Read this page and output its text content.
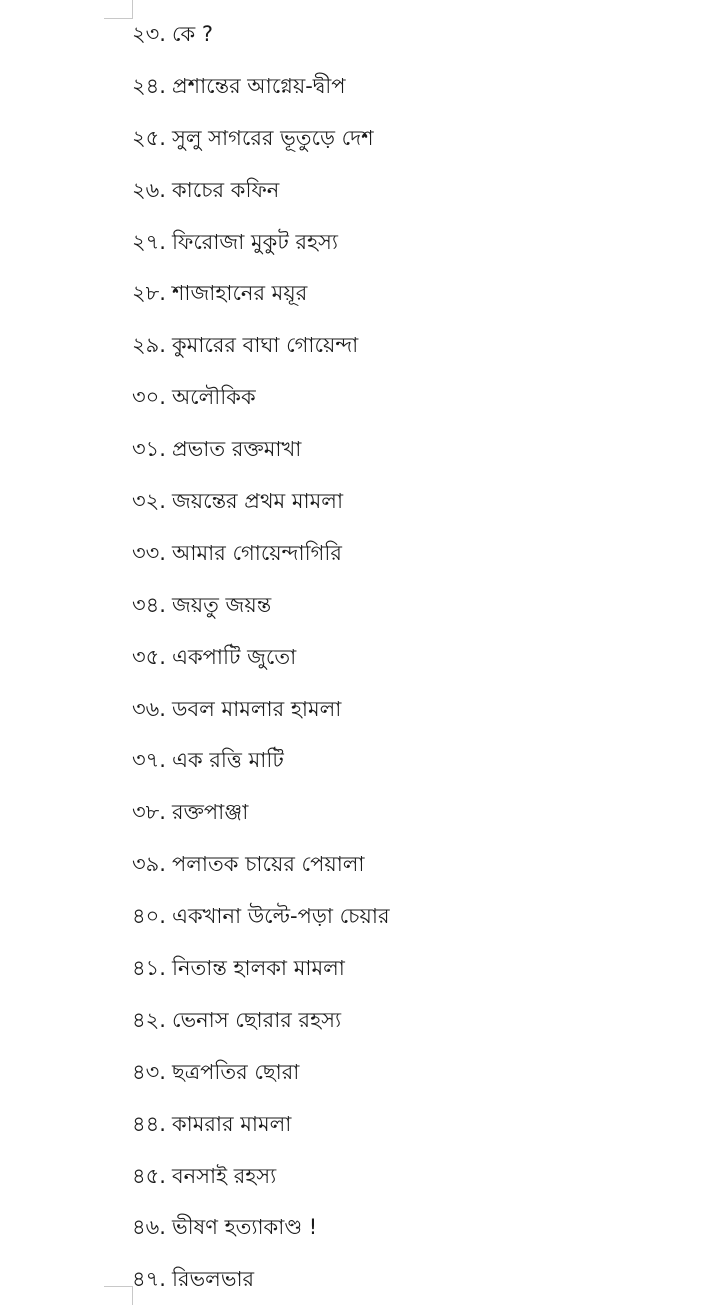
২৩. কে ?
২৪. প্রশান্তের আগ্নেয়-দ্বীপ
২৫. সুলু সাগরের ভূতুড়ে দেশ
২৬. কাচের কফিন
২৭. ফিরোজা মুকুট রহস্য
২৮. শাজাহানের ময়ূর
২৯. কুমারের বাঘা গোয়েন্দা
৩০. অলৌকিক
৩১. প্রভাত রক্তমাখা
৩২. জয়ন্তের প্রথম মামলা
৩৩. আমার গোয়েন্দাগিরি
৩৪. জয়তু জয়ন্ত
৩৫. একপাটি জুতো
৩৬. ডবল মামলার হামলা
৩৭. এক রত্তি মাটি
৩৮. রক্তপাঞ্জা
৩৯. পলাতক চায়ের পেয়ালা
৪০. একখানা উল্টে-পড়া চেয়ার
৪১. নিতান্ত হালকা মামলা
৪২. ভেনাস ছোরার রহস্য
৪৩. ছত্রপতির ছোরা
৪৪. কামরার মামলা
৪৫. বনসাই রহস্য
৪৬. ভীষণ হত্যাকাণ্ড !
৪৭. রিভলভার
